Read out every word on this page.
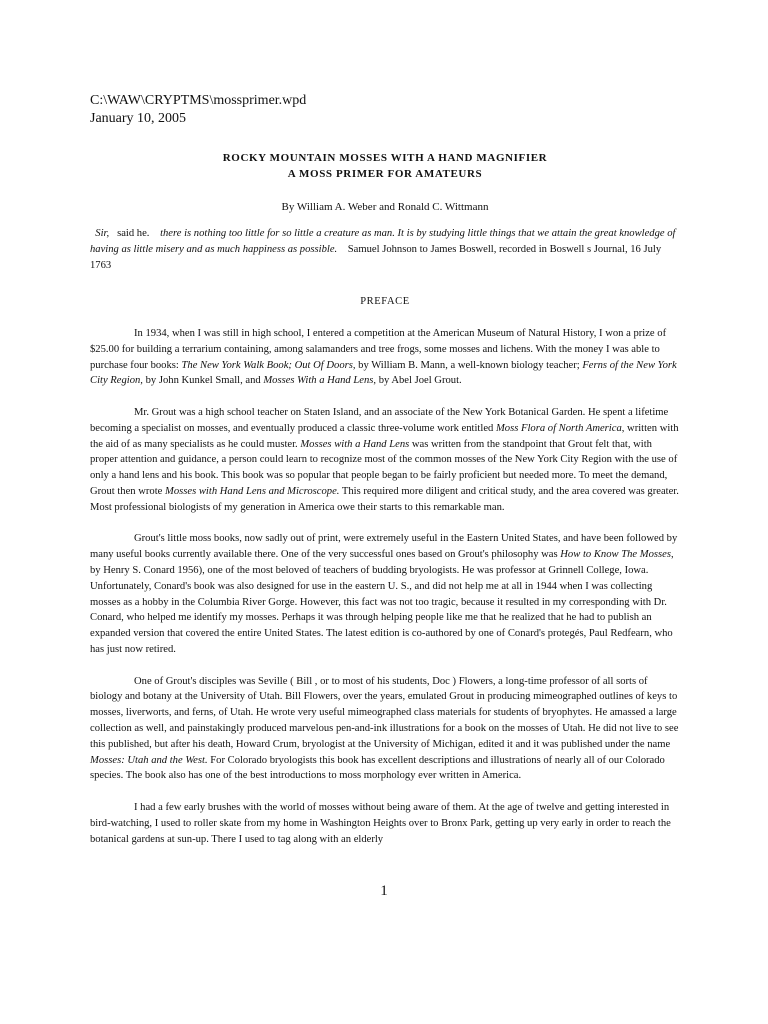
C:\WAW\CRYPTMS\mossprimer.wpd
January 10, 2005
ROCKY MOUNTAIN MOSSES WITH A HAND MAGNIFIER
A MOSS PRIMER FOR AMATEURS
By William A. Weber and Ronald C. Wittmann
Sir, said he. there is nothing too little for so little a creature as man. It is by studying little things that we attain the great knowledge of having as little misery and as much happiness as possible. Samuel Johnson to James Boswell, recorded in Boswell s Journal, 16 July 1763
PREFACE

In 1934, when I was still in high school, I entered a competition at the American Museum of Natural History, I won a prize of $25.00 for building a terrarium containing, among salamanders and tree frogs, some mosses and lichens. With the money I was able to purchase four books: The New York Walk Book; Out Of Doors, by William B. Mann, a well-known biology teacher; Ferns of the New York City Region, by John Kunkel Small, and Mosses With a Hand Lens, by Abel Joel Grout.

Mr. Grout was a high school teacher on Staten Island, and an associate of the New York Botanical Garden. He spent a lifetime becoming a specialist on mosses, and eventually produced a classic three-volume work entitled Moss Flora of North America, written with the aid of as many specialists as he could muster. Mosses with a Hand Lens was written from the standpoint that Grout felt that, with proper attention and guidance, a person could learn to recognize most of the common mosses of the New York City Region with the use of only a hand lens and his book. This book was so popular that people began to be fairly proficient but needed more. To meet the demand, Grout then wrote Mosses with Hand Lens and Microscope. This required more diligent and critical study, and the area covered was greater. Most professional biologists of my generation in America owe their starts to this remarkable man.

Grout's little moss books, now sadly out of print, were extremely useful in the Eastern United States, and have been followed by many useful books currently available there. One of the very successful ones based on Grout's philosophy was How to Know The Mosses, by Henry S. Conard 1956), one of the most beloved of teachers of budding bryologists. He was professor at Grinnell College, Iowa. Unfortunately, Conard's book was also designed for use in the eastern U. S., and did not help me at all in 1944 when I was collecting mosses as a hobby in the Columbia River Gorge. However, this fact was not too tragic, because it resulted in my corresponding with Dr. Conard, who helped me identify my mosses. Perhaps it was through helping people like me that he realized that he had to publish an expanded version that covered the entire United States. The latest edition is co-authored by one of Conard's protegés, Paul Redfearn, who has just now retired.

One of Grout's disciples was Seville ( Bill , or to most of his students, Doc ) Flowers, a long-time professor of all sorts of biology and botany at the University of Utah. Bill Flowers, over the years, emulated Grout in producing mimeographed outlines of keys to mosses, liverworts, and ferns, of Utah. He wrote very useful mimeographed class materials for students of bryophytes. He amassed a large collection as well, and painstakingly produced marvelous pen-and-ink illustrations for a book on the mosses of Utah. He did not live to see this published, but after his death, Howard Crum, bryologist at the University of Michigan, edited it and it was published under the name Mosses: Utah and the West. For Colorado bryologists this book has excellent descriptions and illustrations of nearly all of our Colorado species. The book also has one of the best introductions to moss morphology ever written in America.

I had a few early brushes with the world of mosses without being aware of them. At the age of twelve and getting interested in bird-watching, I used to roller skate from my home in Washington Heights over to Bronx Park, getting up very early in order to reach the botanical gardens at sun-up. There I used to tag along with an elderly

1
